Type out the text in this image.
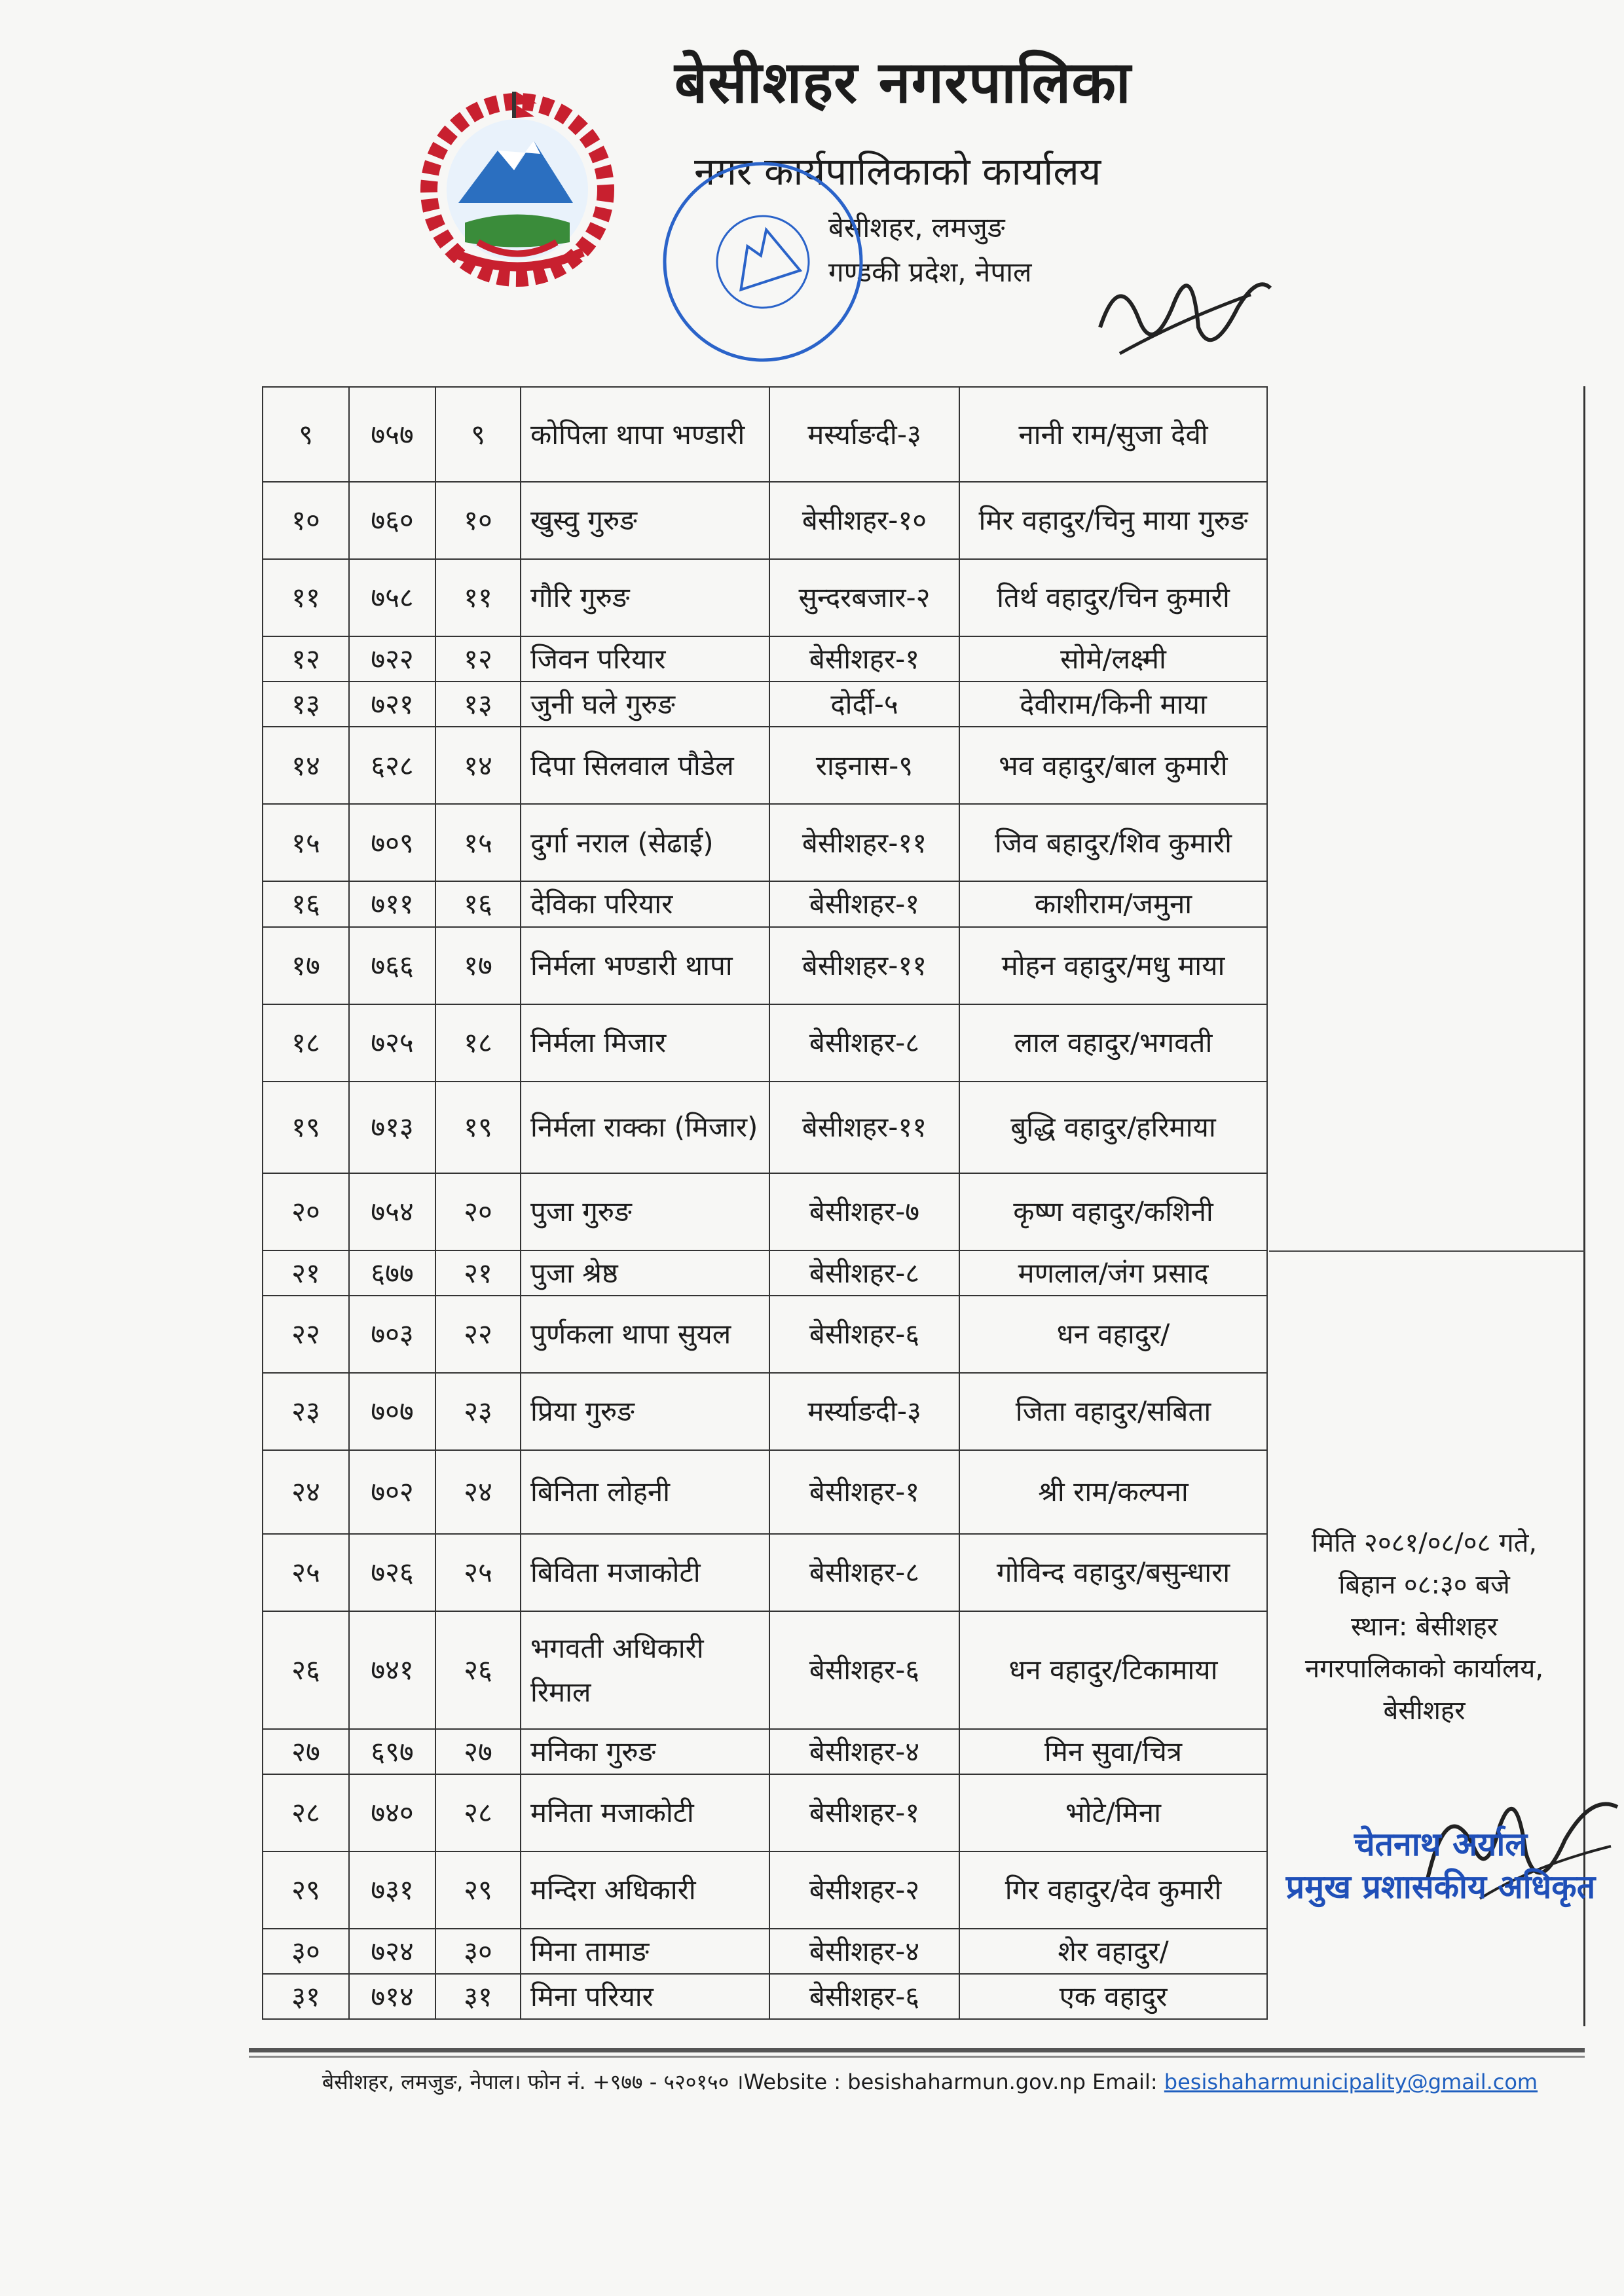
बेसीशहर नगरपालिका
नगर कार्यपालिकाको कार्यालय
बेसीशहर, लमजुङ
गण्डकी प्रदेश, नेपाल
९	७५७	९	कोपिला थापा भण्डारी	मर्स्याङदी-३	नानी राम/सुजा देवी
१०	७६०	१०	खुस्वु गुरुङ	बेसीशहर-१०	मिर वहादुर/चिनु माया गुरुङ
११	७५८	११	गौरि गुरुङ	सुन्दरबजार-२	तिर्थ वहादुर/चिन कुमारी
१२	७२२	१२	जिवन परियार	बेसीशहर-१	सोमे/लक्ष्मी
१३	७२१	१३	जुनी घले गुरुङ	दोर्दी-५	देवीराम/किनी माया
१४	६२८	१४	दिपा सिलवाल पौडेल	राइनास-९	भव वहादुर/बाल कुमारी
१५	७०९	१५	दुर्गा नराल (सेढाई)	बेसीशहर-११	जिव बहादुर/शिव कुमारी
१६	७११	१६	देविका परियार	बेसीशहर-१	काशीराम/जमुना
१७	७६६	१७	निर्मला भण्डारी थापा	बेसीशहर-११	मोहन वहादुर/मधु माया
१८	७२५	१८	निर्मला मिजार	बेसीशहर-८	लाल वहादुर/भगवती
१९	७१३	१९	निर्मला राक्का (मिजार)	बेसीशहर-११	बुद्धि वहादुर/हरिमाया
२०	७५४	२०	पुजा गुरुङ	बेसीशहर-७	कृष्ण वहादुर/कशिनी
२१	६७७	२१	पुजा श्रेष्ठ	बेसीशहर-८	मणलाल/जंग प्रसाद
२२	७०३	२२	पुर्णकला थापा सुयल	बेसीशहर-६	धन वहादुर/
२३	७०७	२३	प्रिया गुरुङ	मर्स्याङदी-३	जिता वहादुर/सबिता
२४	७०२	२४	बिनिता लोहनी	बेसीशहर-१	श्री राम/कल्पना
२५	७२६	२५	बिविता मजाकोटी	बेसीशहर-८	गोविन्द वहादुर/बसुन्धारा
२६	७४१	२६	भगवती अधिकारी रिमाल	बेसीशहर-६	धन वहादुर/टिकामाया
२७	६९७	२७	मनिका गुरुङ	बेसीशहर-४	मिन सुवा/चित्र
२८	७४०	२८	मनिता मजाकोटी	बेसीशहर-१	भोटे/मिना
२९	७३१	२९	मन्दिरा अधिकारी	बेसीशहर-२	गिर वहादुर/देव कुमारी
३०	७२४	३०	मिना तामाङ	बेसीशहर-४	शेर वहादुर/
३१	७१४	३१	मिना परियार	बेसीशहर-६	एक वहादुर
मिति २०८१/०८/०८ गते,
बिहान ०८:३० बजे
स्थान: बेसीशहर
नगरपालिकाको कार्यालय,
बेसीशहर
चेतनाथ अर्याल
प्रमुख प्रशासकीय अधिकृत
बेसीशहर, लमजुङ, नेपाल। फोन नं. +९७७ - ५२०१५० ।Website : besishaharmun.gov.np Email: besishaharmunicipality@gmail.com
